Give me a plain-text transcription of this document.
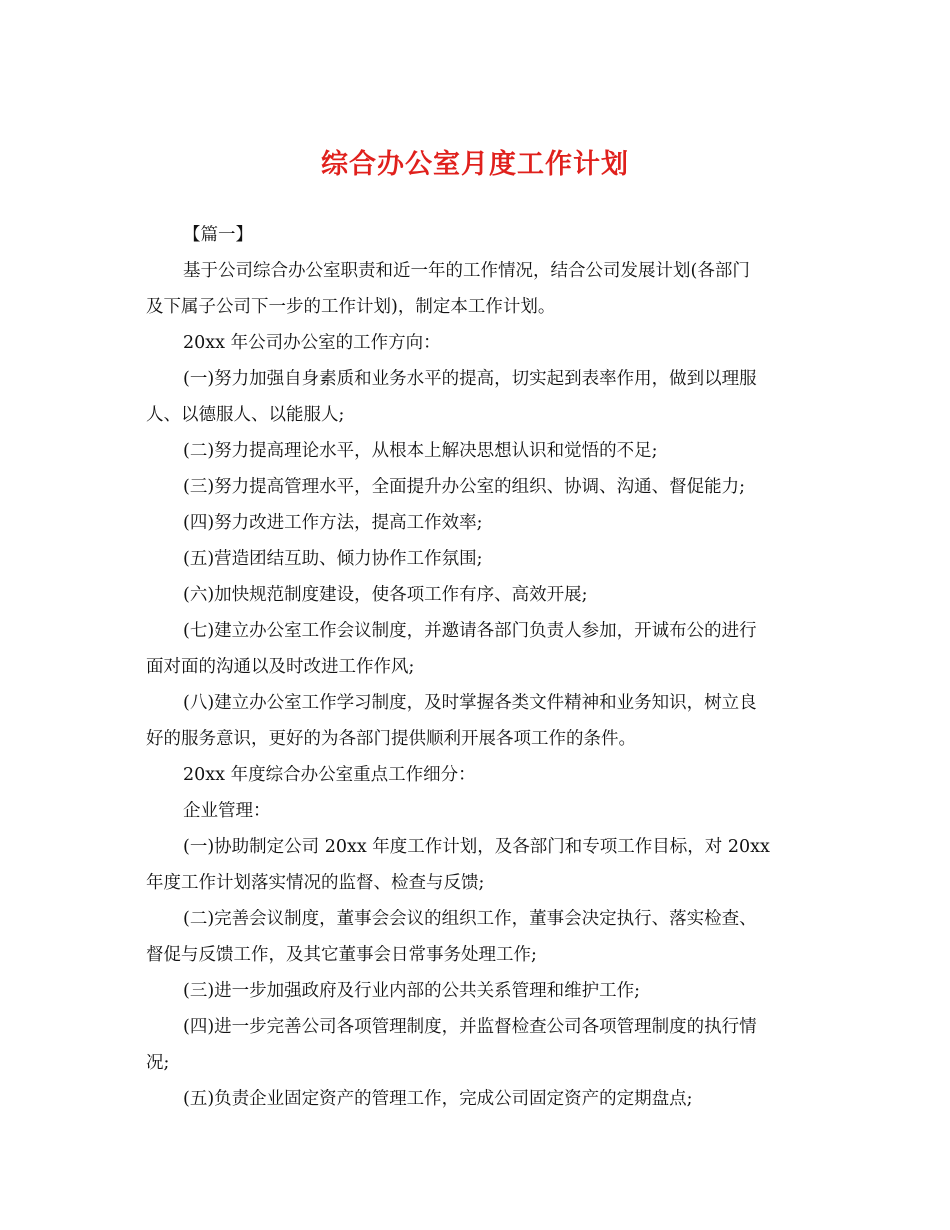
综合办公室月度工作计划

【篇一】

基于公司综合办公室职责和近一年的工作情况，结合公司发展计划(各部门
及下属子公司下一步的工作计划)，制定本工作计划。

20xx 年公司办公室的工作方向：

(一)努力加强自身素质和业务水平的提高，切实起到表率作用，做到以理服
人、以德服人、以能服人;

(二)努力提高理论水平，从根本上解决思想认识和觉悟的不足;

(三)努力提高管理水平，全面提升办公室的组织、协调、沟通、督促能力;

(四)努力改进工作方法，提高工作效率;

(五)营造团结互助、倾力协作工作氛围;

(六)加快规范制度建设，使各项工作有序、高效开展;

(七)建立办公室工作会议制度，并邀请各部门负责人参加，开诚布公的进行
面对面的沟通以及时改进工作作风;

(八)建立办公室工作学习制度，及时掌握各类文件精神和业务知识，树立良
好的服务意识，更好的为各部门提供顺利开展各项工作的条件。

20xx 年度综合办公室重点工作细分：

企业管理：

(一)协助制定公司 20xx 年度工作计划，及各部门和专项工作目标，对 20xx
年度工作计划落实情况的监督、检查与反馈;

(二)完善会议制度，董事会会议的组织工作，董事会决定执行、落实检查、
督促与反馈工作，及其它董事会日常事务处理工作;

(三)进一步加强政府及行业内部的公共关系管理和维护工作;

(四)进一步完善公司各项管理制度，并监督检查公司各项管理制度的执行情
况;

(五)负责企业固定资产的管理工作，完成公司固定资产的定期盘点;
